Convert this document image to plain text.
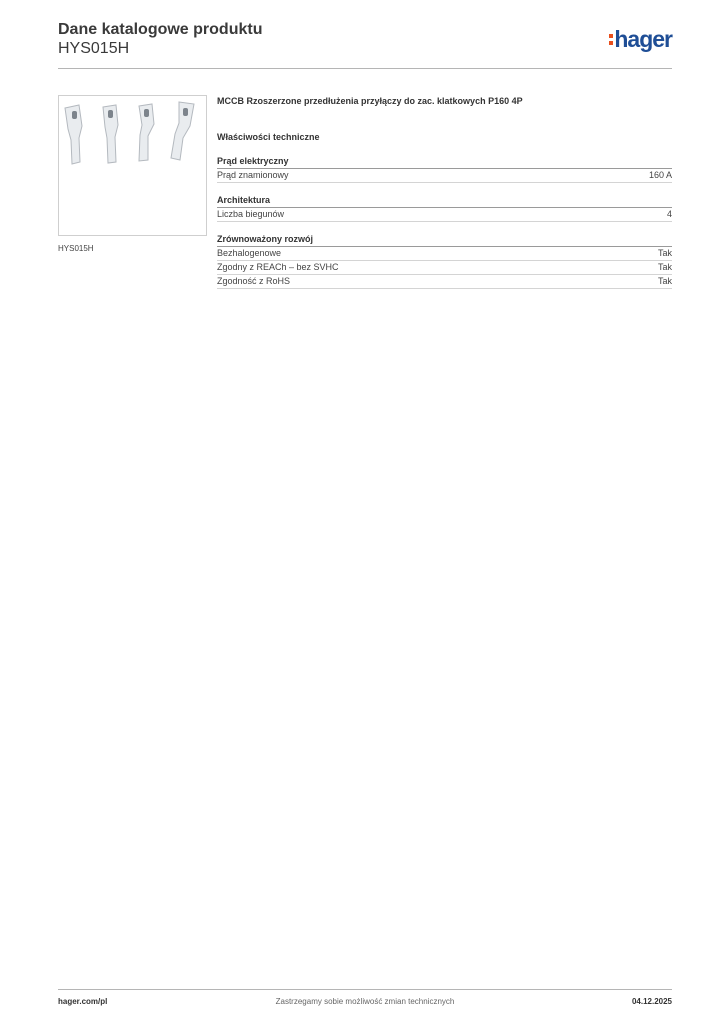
Dane katalogowe produktu
HYS015H	hager
HYS015H
MCCB Rzoszerzone przedłużenia przyłączy do zac. klatkowych P160 4P
Właściwości techniczne
Prąd elektryczny
Prąd znamionowy	160 A
Architektura
Liczba biegunów	4
Zrównoważony rozwój
Bezhalogenowe	Tak
Zgodny z REACh – bez SVHC	Tak
Zgodność z RoHS	Tak
hager.com/pl	Zastrzegamy sobie możliwość zmian technicznych	04.12.2025
